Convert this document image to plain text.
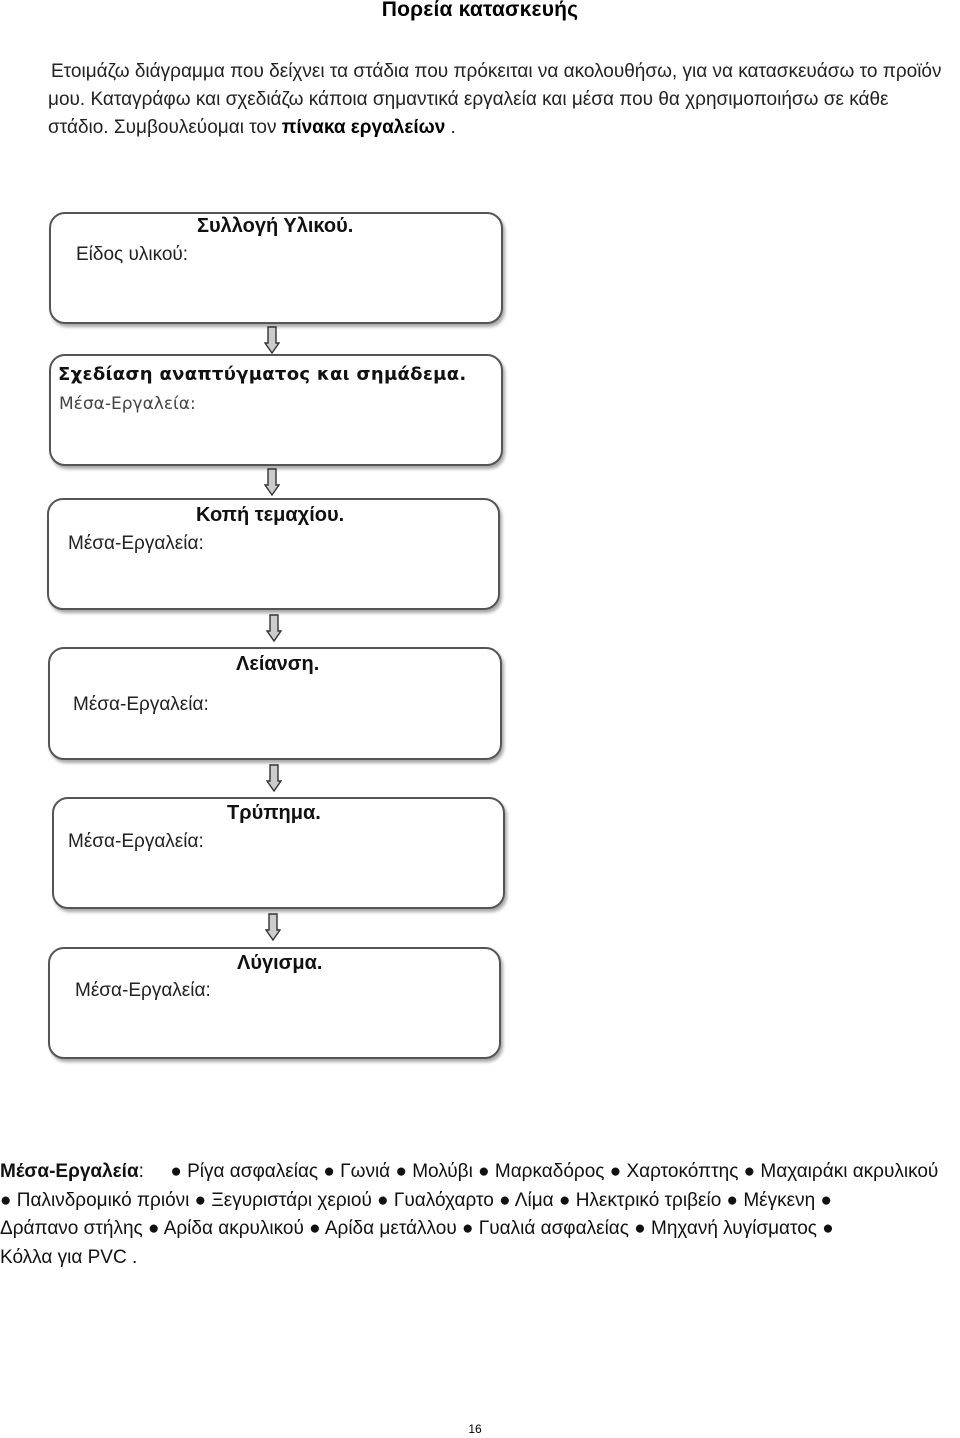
Πορεία κατασκευής
Ετοιμάζω διάγραμμα που δείχνει τα στάδια που πρόκειται να ακολουθήσω, για να κατασκευάσω το προϊόν μου. Καταγράφω και σχεδιάζω κάποια σημαντικά εργαλεία και μέσα που θα χρησιμοποιήσω σε κάθε στάδιο. Συμβουλεύομαι τον πίνακα εργαλείων .
Συλλογή Υλικού.
Είδος υλικού:
Σχεδίαση αναπτύγματος και σημάδεμα.
Μέσα-Εργαλεία:
Κοπή τεμαχίου.
Μέσα-Εργαλεία:
Λείανση.
Μέσα-Εργαλεία:
Τρύπημα.
Μέσα-Εργαλεία:
Λύγισμα.
Μέσα-Εργαλεία:
Μέσα-Εργαλεία: ● Ρίγα ασφαλείας ● Γωνιά ● Μολύβι ● Μαρκαδόρος ● Χαρτοκόπτης ● Μαχαιράκι ακρυλικού ● Παλινδρομικό πριόνι ● Ξεγυριστάρι χεριού ● Γυαλόχαρτο ● Λίμα ● Ηλεκτρικό τριβείο ● Μέγκενη ● Δράπανο στήλης ● Αρίδα ακρυλικού ● Αρίδα μετάλλου ● Γυαλιά ασφαλείας ● Μηχανή λυγίσματος ● Κόλλα για PVC .
16
